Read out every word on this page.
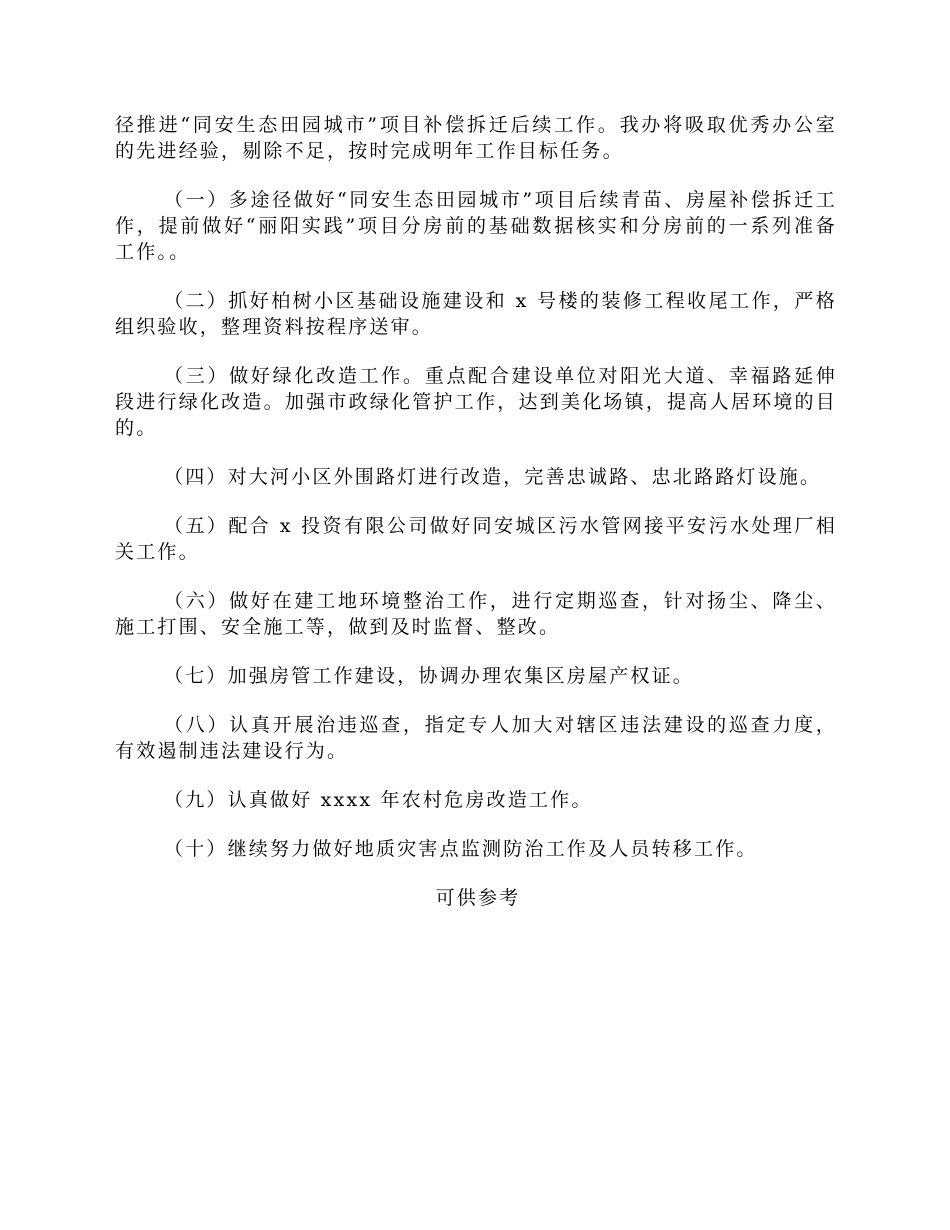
径推进“同安生态田园城市”项目补偿拆迁后续工作。我办将吸取优秀办公室的先进经验，剔除不足，按时完成明年工作目标任务。

（一）多途径做好“同安生态田园城市”项目后续青苗、房屋补偿拆迁工作，提前做好“丽阳实践”项目分房前的基础数据核实和分房前的一系列准备工作。。

（二）抓好柏树小区基础设施建设和 x 号楼的装修工程收尾工作，严格组织验收，整理资料按程序送审。

（三）做好绿化改造工作。重点配合建设单位对阳光大道、幸福路延伸段进行绿化改造。加强市政绿化管护工作，达到美化场镇，提高人居环境的目的。

（四）对大河小区外围路灯进行改造，完善忠诚路、忠北路路灯设施。

（五）配合 x 投资有限公司做好同安城区污水管网接平安污水处理厂相关工作。

（六）做好在建工地环境整治工作，进行定期巡查，针对扬尘、降尘、施工打围、安全施工等，做到及时监督、整改。

（七）加强房管工作建设，协调办理农集区房屋产权证。

（八）认真开展治违巡查，指定专人加大对辖区违法建设的巡查力度，有效遏制违法建设行为。

（九）认真做好 xxxx 年农村危房改造工作。

（十）继续努力做好地质灾害点监测防治工作及人员转移工作。

可供参考
